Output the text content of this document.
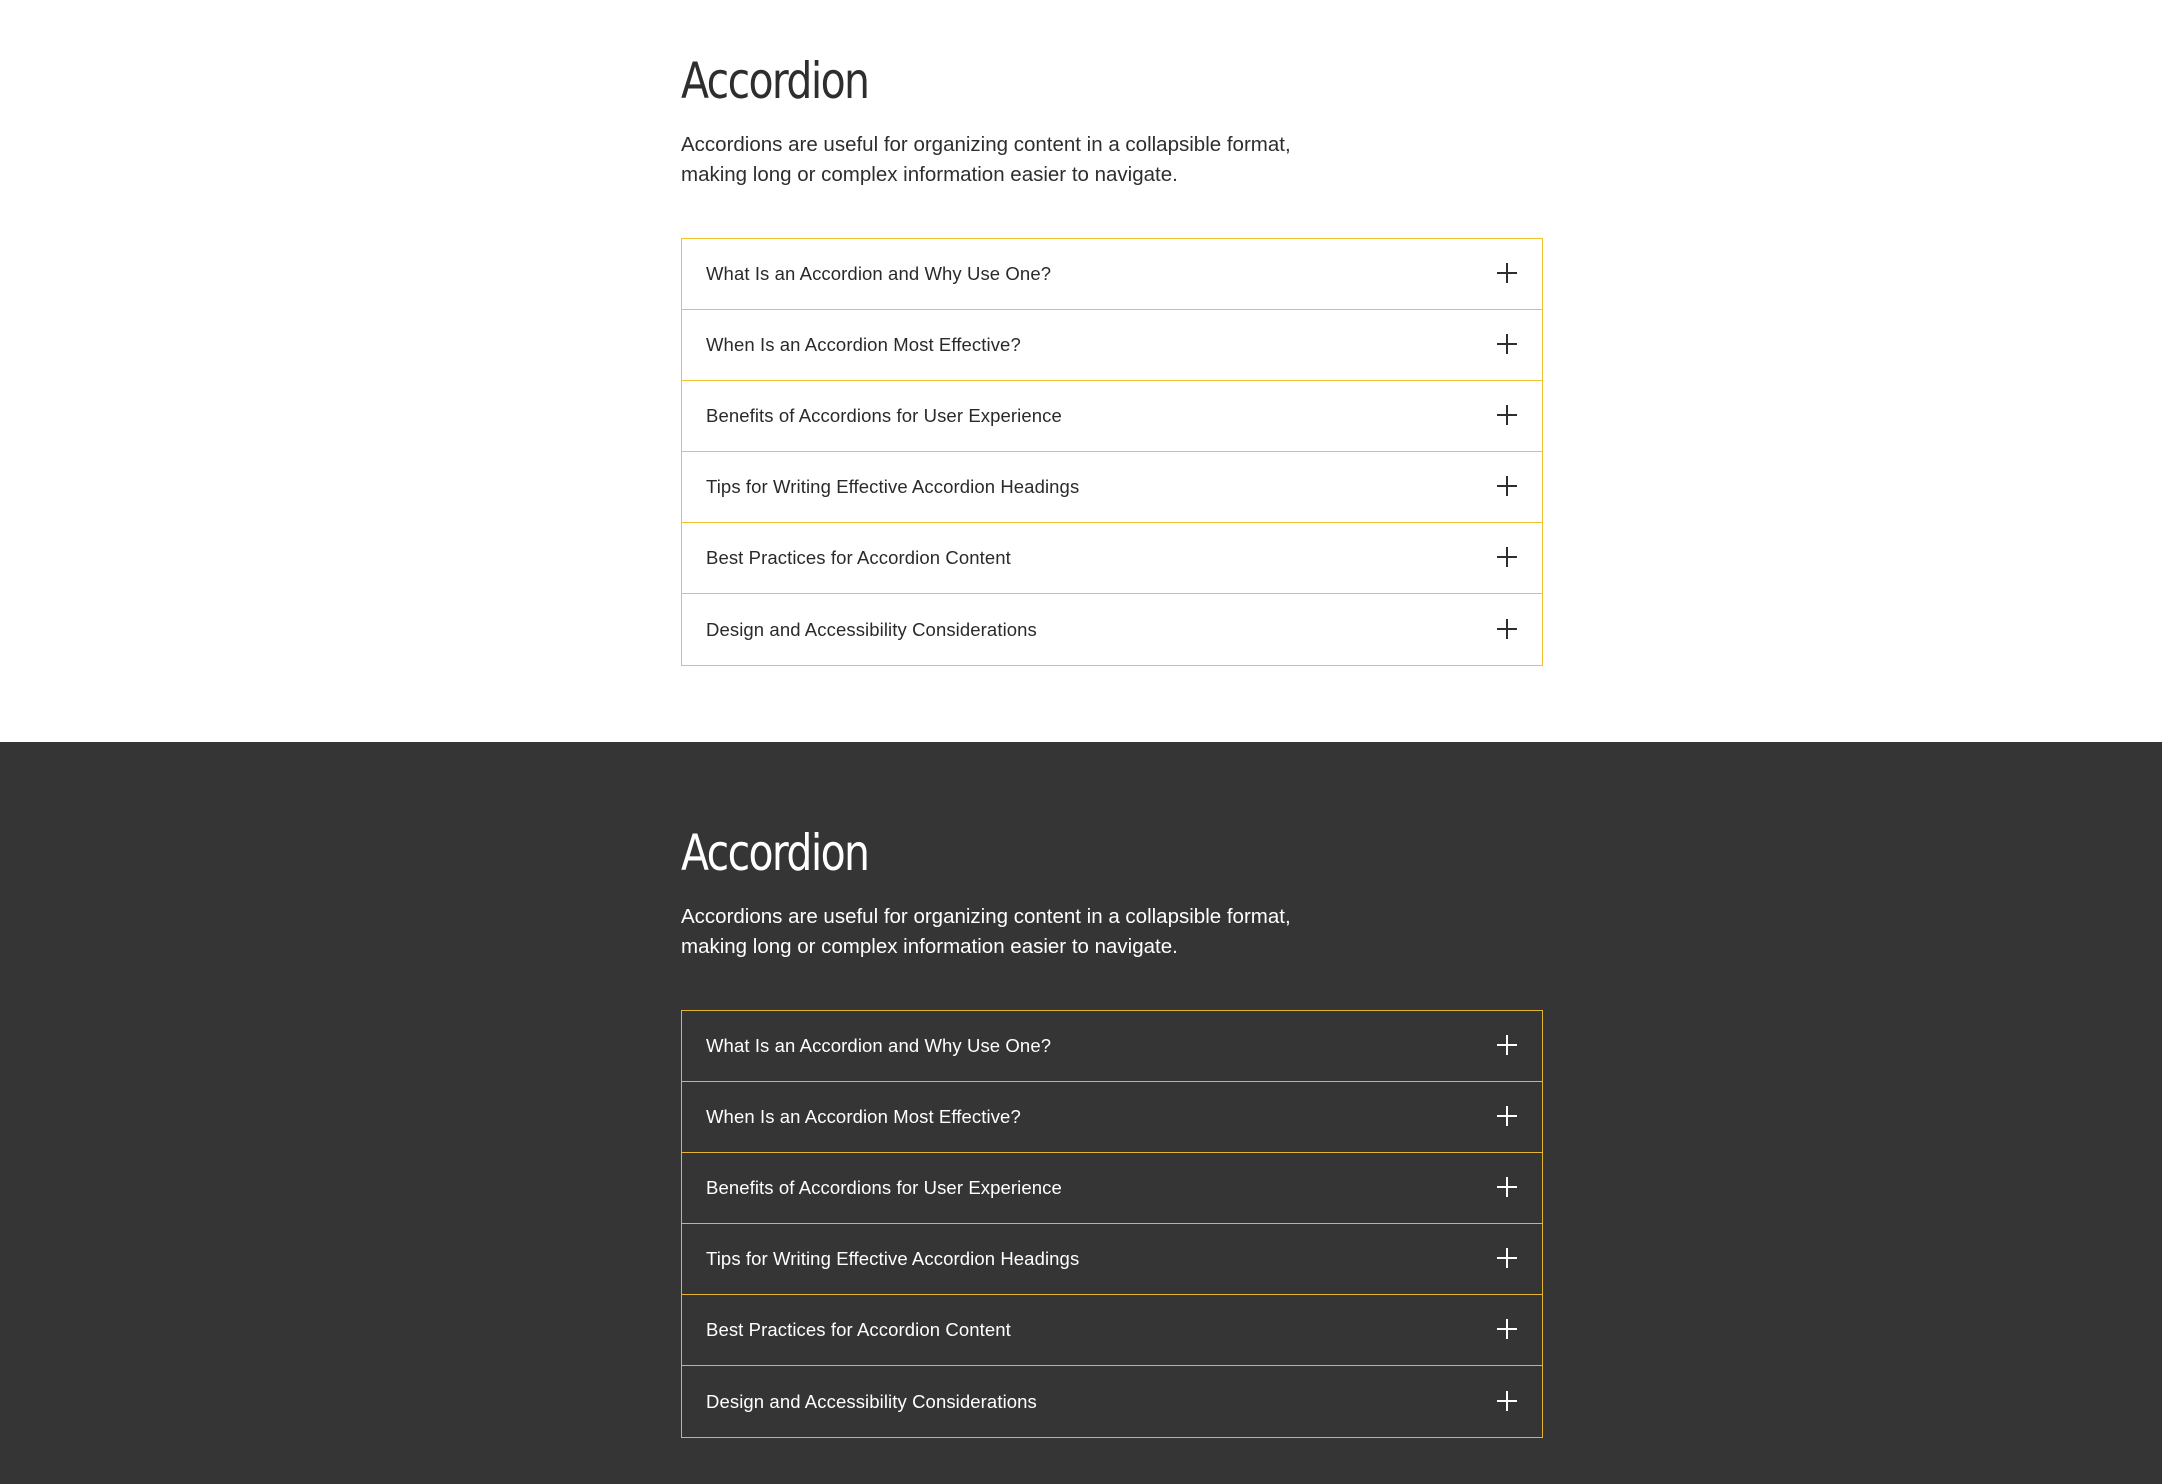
Accordion

Accordions are useful for organizing content in a collapsible format, making long or complex information easier to navigate.

What Is an Accordion and Why Use One?
When Is an Accordion Most Effective?
Benefits of Accordions for User Experience
Tips for Writing Effective Accordion Headings
Best Practices for Accordion Content
Design and Accessibility Considerations
Accordion

Accordions are useful for organizing content in a collapsible format, making long or complex information easier to navigate.

What Is an Accordion and Why Use One?
When Is an Accordion Most Effective?
Benefits of Accordions for User Experience
Tips for Writing Effective Accordion Headings
Best Practices for Accordion Content
Design and Accessibility Considerations
